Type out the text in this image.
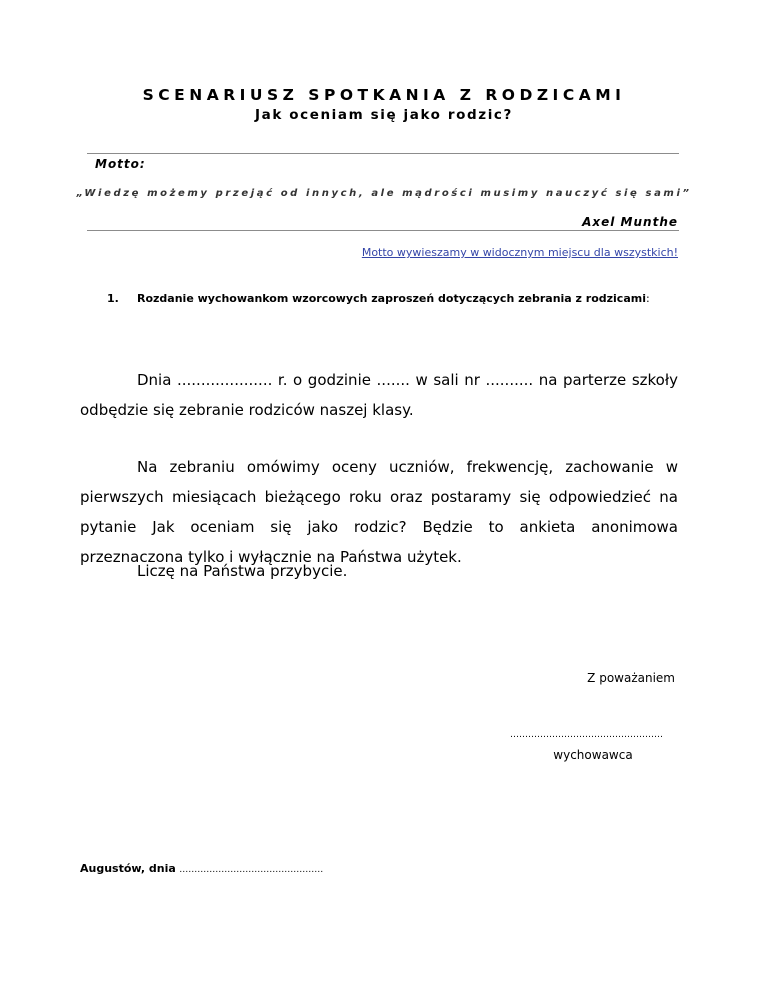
SCENARIUSZ SPOTKANIA Z RODZICAMI
Jak oceniam się jako rodzic?
Motto:
„Wiedzę możemy przejąć od innych, ale mądrości musimy nauczyć się sami”
Axel Munthe
Motto wywieszamy w widocznym miejscu dla wszystkich!
1. Rozdanie wychowankom wzorcowych zaproszeń dotyczących zebrania z rodzicami:
Dnia .................... r. o godzinie ....... w sali nr .......... na parterze szkoły odbędzie się zebranie rodziców naszej klasy.
Na zebraniu omówimy oceny uczniów, frekwencję, zachowanie w pierwszych miesiącach bieżącego roku oraz postaramy się odpowiedzieć na pytanie Jak oceniam się jako rodzic? Będzie to ankieta anonimowa przeznaczona tylko i wyłącznie na Państwa użytek.
Liczę na Państwa przybycie.
Z poważaniem
……………………………………………
wychowawca
Augustów, dnia …………………………………………
